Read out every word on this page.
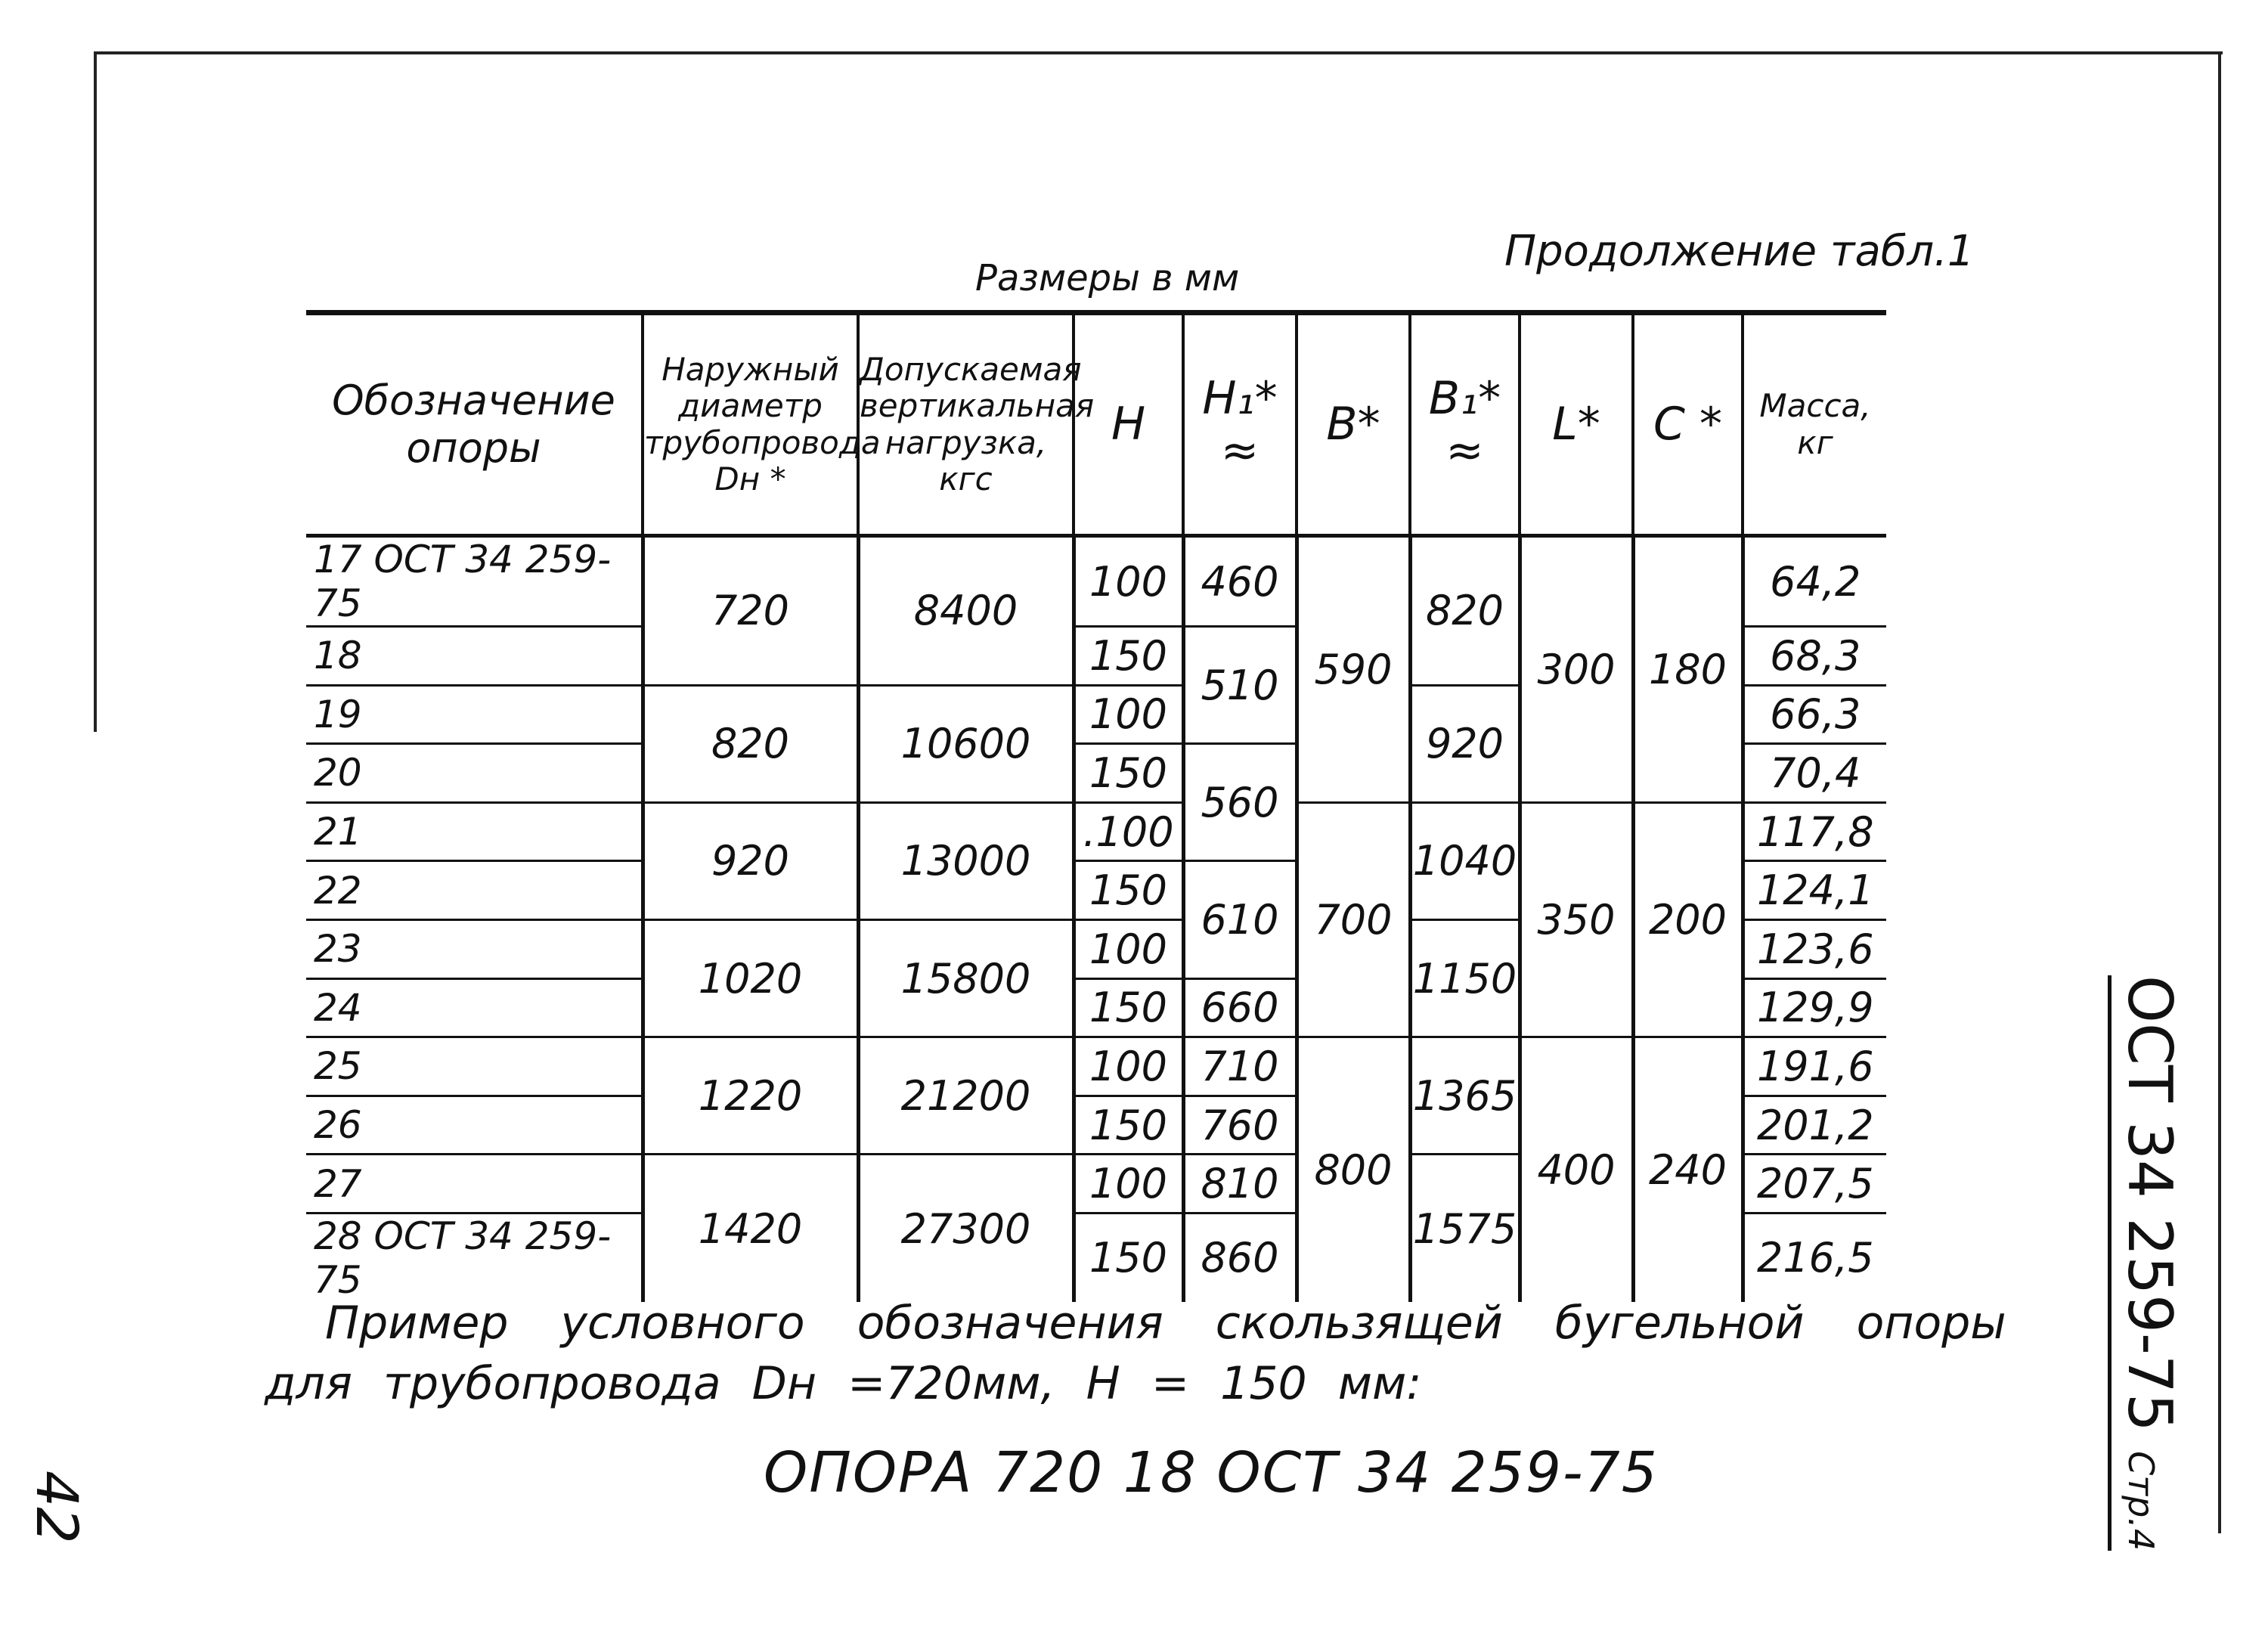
Размеры в мм
Продолжение табл.1
Обозначение опоры	Наружный диаметр трубопровода Dн *	Допускаемая вертикальная нагрузка, кгс	H	H₁* ≈	B*	B₁* ≈	L*	C *	Масса, кг
17 ОСТ 34 259-75	720	8400	100	460	590	820	300	180	64,2
18			150	510					68,3
19	820	10600	100			920			66,3
20			150	560					70,4
21	920	13000	.100		700	1040	350	200	117,8
22			150	610					124,1
23	1020	15800	100			1150			123,6
24			150	660					129,9
25	1220	21200	100	710	800	1365	400	240	191,6
26			150	760					201,2
27	1420	27300	100	810		1575			207,5
28 ОСТ 34 259-75			150	860					216,5
Пример условного обозначения скользящей бугельной опоры
для трубопровода Dн =720мм, H = 150 мм:
ОПОРА 720 18 ОСТ 34 259-75
42
ОСТ 34 259-75 Стр.4
